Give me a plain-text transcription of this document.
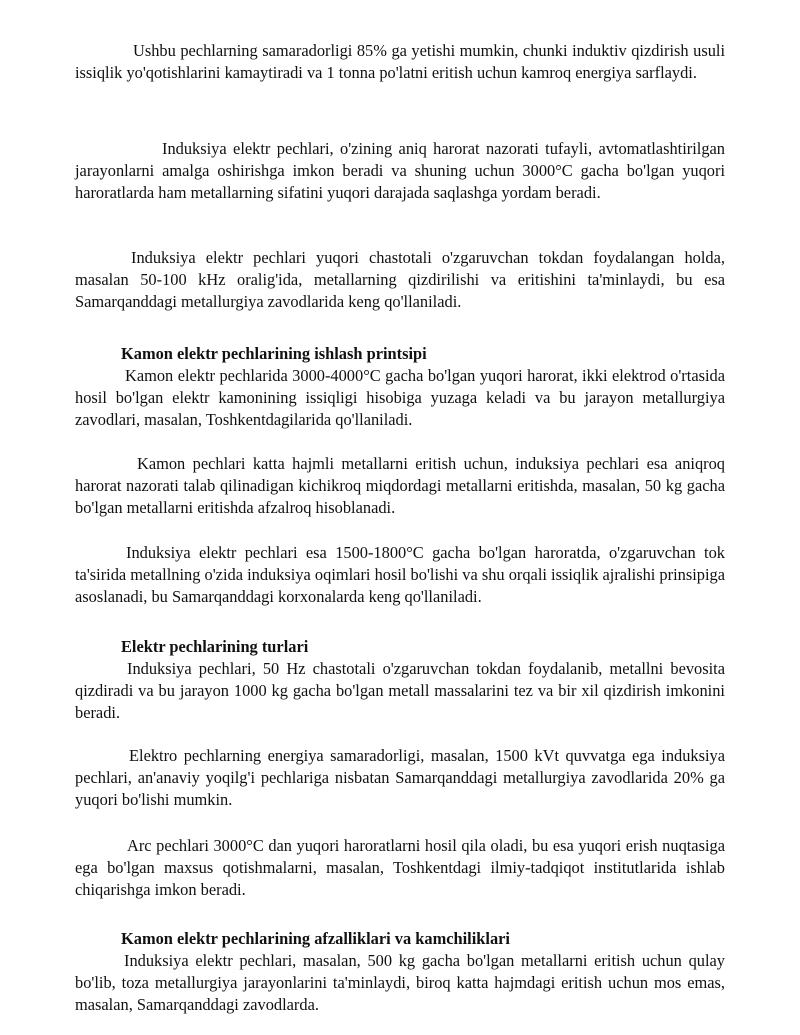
Ushbu pechlarning samaradorligi 85% ga yetishi mumkin, chunki induktiv qizdirish usuli issiqlik yo'qotishlarini kamaytiradi va 1 tonna po'latni eritish uchun kamroq energiya sarflaydi.

Induksiya elektr pechlari, o'zining aniq harorat nazorati tufayli, avtomatlashtirilgan jarayonlarni amalga oshirishga imkon beradi va shuning uchun 3000°C gacha bo'lgan yuqori haroratlarda ham metallarning sifatini yuqori darajada saqlashga yordam beradi.

Induksiya elektr pechlari yuqori chastotali o'zgaruvchan tokdan foydalangan holda, masalan 50-100 kHz oralig'ida, metallarning qizdirilishi va eritishini ta'minlaydi, bu esa Samarqanddagi metallurgiya zavodlarida keng qo'llaniladi.

Kamon elektr pechlarining ishlash printsipi

Kamon elektr pechlarida 3000-4000°C gacha bo'lgan yuqori harorat, ikki elektrod o'rtasida hosil bo'lgan elektr kamonining issiqligi hisobiga yuzaga keladi va bu jarayon metallurgiya zavodlari, masalan, Toshkentdagilarida qo'llaniladi.

Kamon pechlari katta hajmli metallarni eritish uchun, induksiya pechlari esa aniqroq harorat nazorati talab qilinadigan kichikroq miqdordagi metallarni eritishda, masalan, 50 kg gacha bo'lgan metallarni eritishda afzalroq hisoblanadi.

Induksiya elektr pechlari esa 1500-1800°C gacha bo'lgan haroratda, o'zgaruvchan tok ta'sirida metallning o'zida induksiya oqimlari hosil bo'lishi va shu orqali issiqlik ajralishi prinsipiga asoslanadi, bu Samarqanddagi korxonalarda keng qo'llaniladi.

Elektr pechlarining turlari

Induksiya pechlari, 50 Hz chastotali o'zgaruvchan tokdan foydalanib, metallni bevosita qizdiradi va bu jarayon 1000 kg gacha bo'lgan metall massalarini tez va bir xil qizdirish imkonini beradi.

Elektro pechlarning energiya samaradorligi, masalan, 1500 kVt quvvatga ega induksiya pechlari, an'anaviy yoqilg'i pechlariga nisbatan Samarqanddagi metallurgiya zavodlarida 20% ga yuqori bo'lishi mumkin.

Arc pechlari 3000°C dan yuqori haroratlarni hosil qila oladi, bu esa yuqori erish nuqtasiga ega bo'lgan maxsus qotishmalarni, masalan, Toshkentdagi ilmiy-tadqiqot institutlarida ishlab chiqarishga imkon beradi.

Kamon elektr pechlarining afzalliklari va kamchiliklari

Induksiya elektr pechlari, masalan, 500 kg gacha bo'lgan metallarni eritish uchun qulay bo'lib, toza metallurgiya jarayonlarini ta'minlaydi, biroq katta hajmdagi eritish uchun mos emas, masalan, Samarqanddagi zavodlarda.
